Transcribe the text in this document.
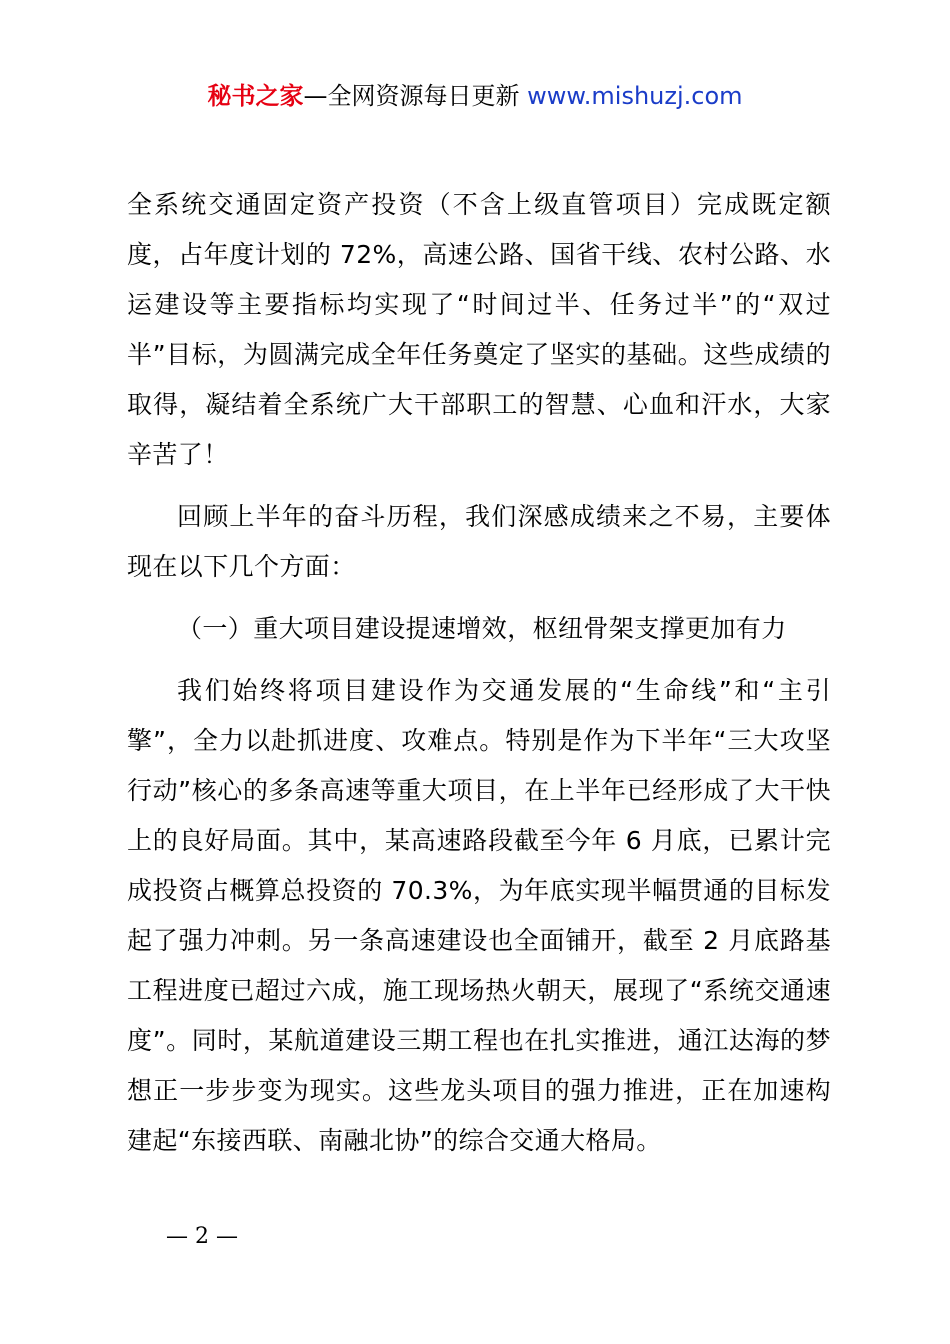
秘书之家—全网资源每日更新 www.mishuzj.com

全系统交通固定资产投资（不含上级直管项目）完成既定额度，占年度计划的 72%，高速公路、国省干线、农村公路、水运建设等主要指标均实现了“时间过半、任务过半”的“双过半”目标，为圆满完成全年任务奠定了坚实的基础。这些成绩的取得，凝结着全系统广大干部职工的智慧、心血和汗水，大家辛苦了！

回顾上半年的奋斗历程，我们深感成绩来之不易，主要体现在以下几个方面：

（一）重大项目建设提速增效，枢纽骨架支撑更加有力

我们始终将项目建设作为交通发展的“生命线”和“主引擎”，全力以赴抓进度、攻难点。特别是作为下半年“三大攻坚行动”核心的多条高速等重大项目，在上半年已经形成了大干快上的良好局面。其中，某高速路段截至今年 6 月底，已累计完成投资占概算总投资的 70.3%，为年底实现半幅贯通的目标发起了强力冲刺。另一条高速建设也全面铺开，截至 2 月底路基工程进度已超过六成，施工现场热火朝天，展现了“系统交通速度”。同时，某航道建设三期工程也在扎实推进，通江达海的梦想正一步步变为现实。这些龙头项目的强力推进，正在加速构建起“东接西联、南融北协”的综合交通大格局。

— 2 —
